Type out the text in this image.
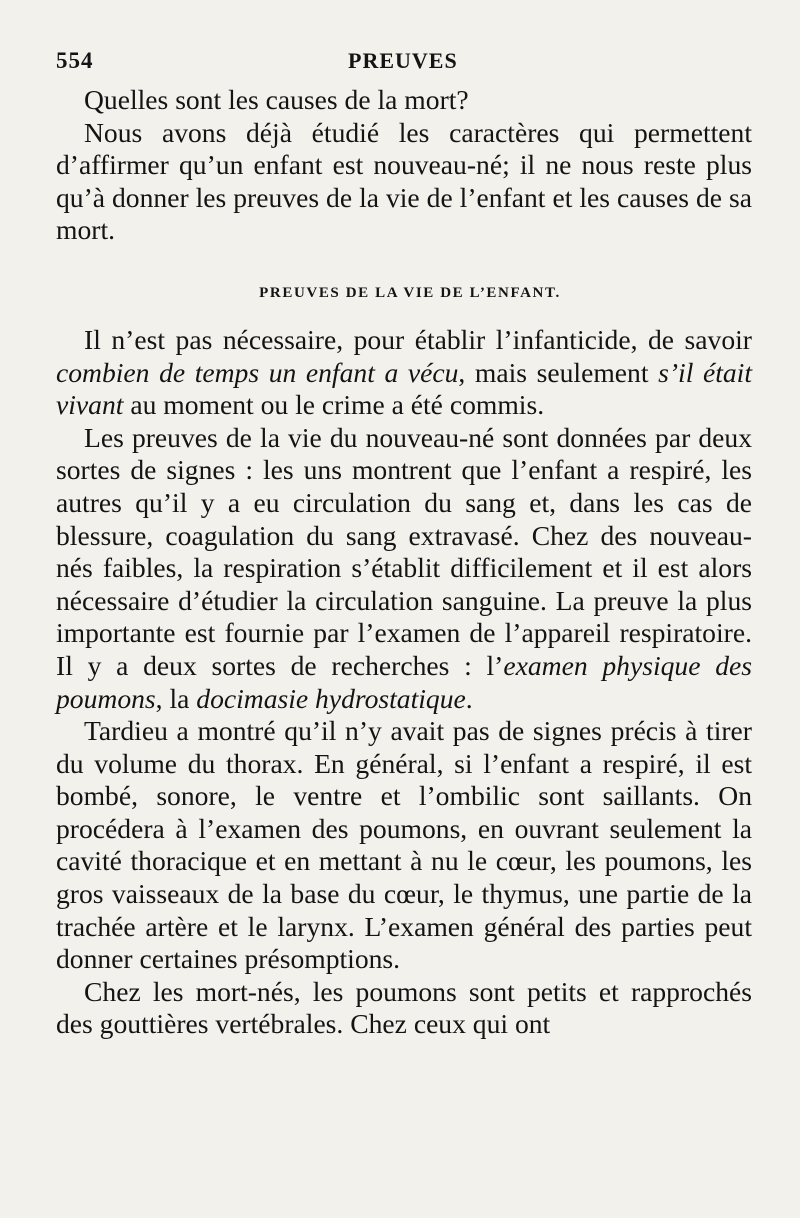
554	PREUVES

Quelles sont les causes de la mort?

Nous avons déjà étudié les caractères qui permettent d’affirmer qu’un enfant est nouveau-né; il ne nous reste plus qu’à donner les preuves de la vie de l’enfant et les causes de sa mort.

PREUVES DE LA VIE DE L’ENFANT.

Il n’est pas nécessaire, pour établir l’infanticide, de savoir combien de temps un enfant a vécu, mais seulement s’il était vivant au moment ou le crime a été commis.

Les preuves de la vie du nouveau-né sont données par deux sortes de signes : les uns montrent que l’enfant a respiré, les autres qu’il y a eu circulation du sang et, dans les cas de blessure, coagulation du sang extravasé. Chez des nouveau-nés faibles, la respiration s’établit difficilement et il est alors nécessaire d’étudier la circulation sanguine. La preuve la plus importante est fournie par l’examen de l’appareil respiratoire. Il y a deux sortes de recherches : l’examen physique des poumons, la docimasie hydrostatique.

Tardieu a montré qu’il n’y avait pas de signes précis à tirer du volume du thorax. En général, si l’enfant a respiré, il est bombé, sonore, le ventre et l’ombilic sont saillants. On procédera à l’examen des poumons, en ouvrant seulement la cavité thoracique et en mettant à nu le cœur, les poumons, les gros vaisseaux de la base du cœur, le thymus, une partie de la trachée artère et le larynx. L’examen général des parties peut donner certaines présomptions.

Chez les mort-nés, les poumons sont petits et rapprochés des gouttières vertébrales. Chez ceux qui ont
